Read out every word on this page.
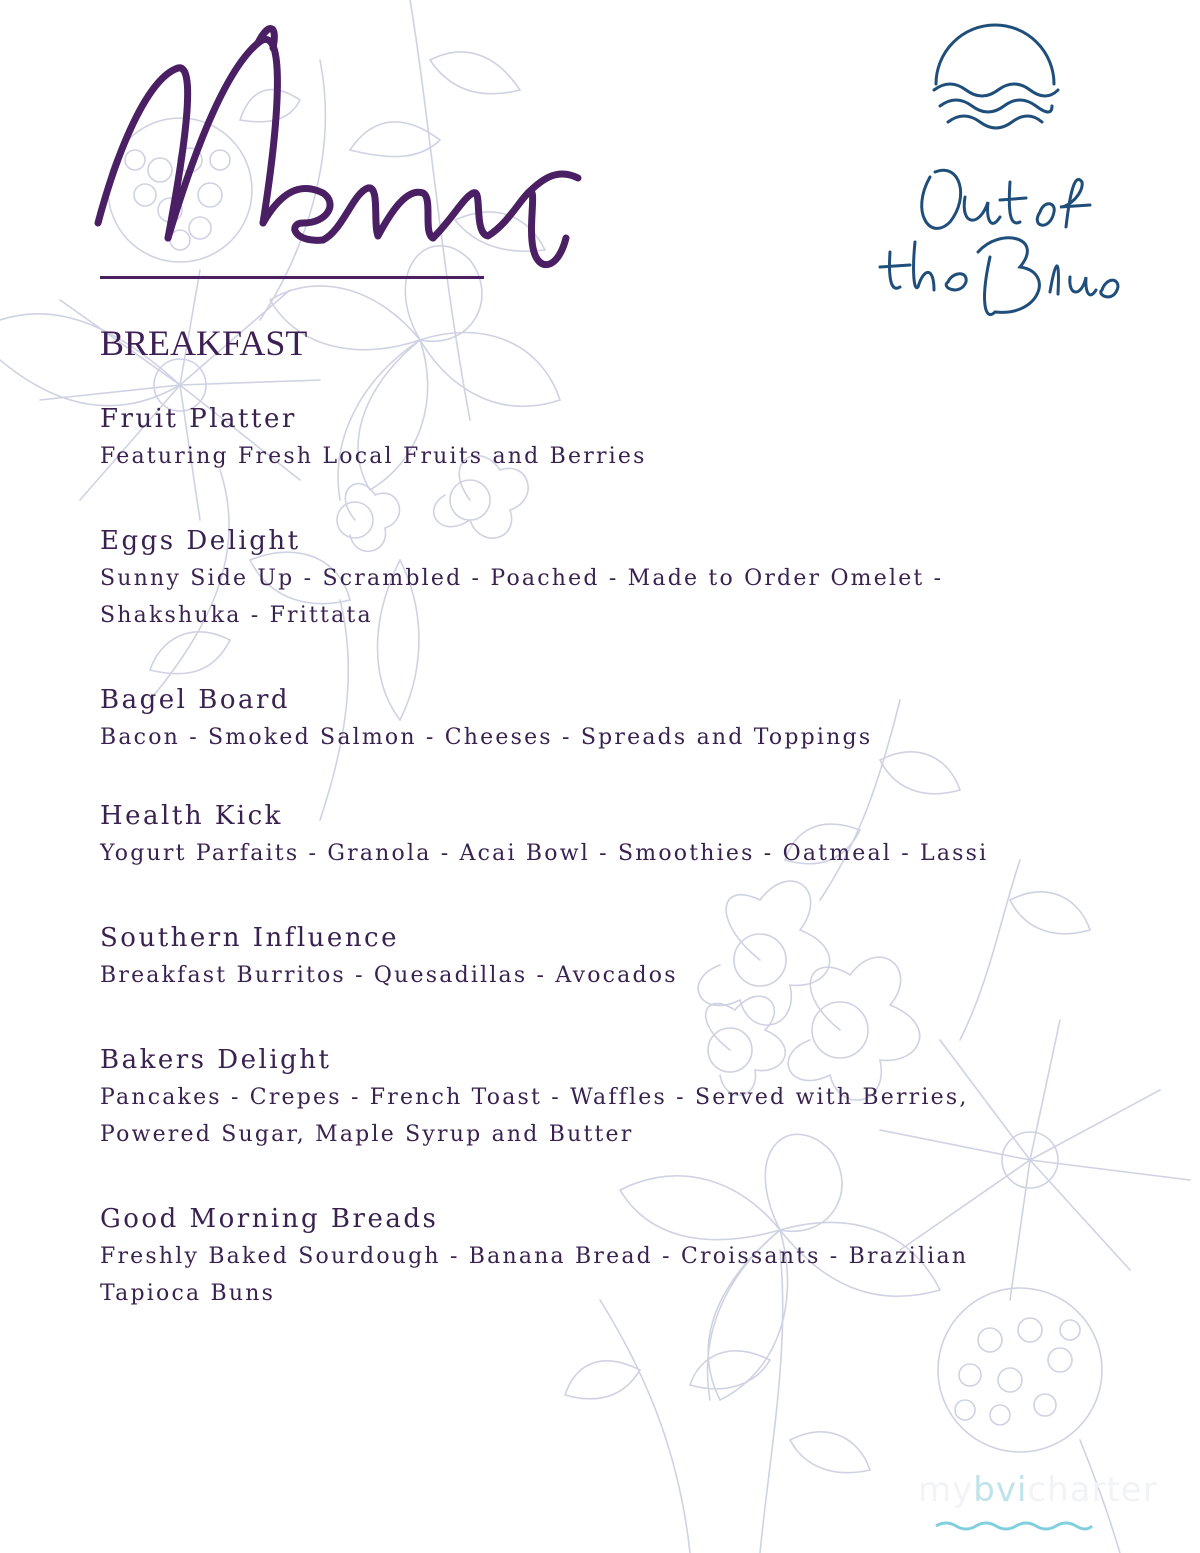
BREAKFAST

Fruit Platter

Featuring Fresh Local Fruits and Berries

Eggs Delight

Sunny Side Up - Scrambled - Poached - Made to Order Omelet -

Shakshuka - Frittata

Bagel Board

Bacon - Smoked Salmon - Cheeses - Spreads and Toppings

Health Kick

Yogurt Parfaits - Granola - Acai Bowl - Smoothies - Oatmeal - Lassi

Southern Influence

Breakfast Burritos - Quesadillas - Avocados

Bakers Delight

Pancakes - Crepes - French Toast - Waffles - Served with Berries,

Powered Sugar, Maple Syrup and Butter

Good Morning Breads

Freshly Baked Sourdough - Banana Bread - Croissants - Brazilian

Tapioca Buns

mybvicharter
